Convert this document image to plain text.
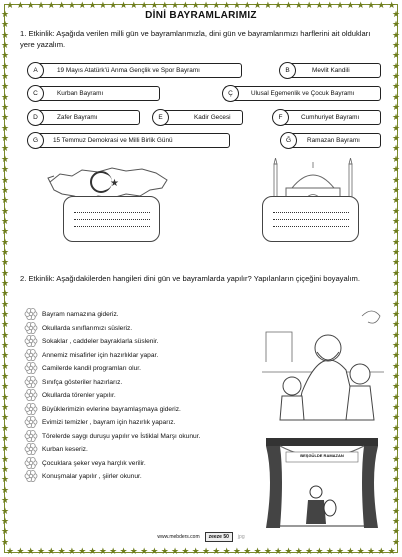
★ ★ ★ ★ ★ ★ ★ ★ ★ ★ ★ ★ ★ ★ ★ ★ ★ ★ ★ ★ ★ ★ ★ ★ ★ ★ ★ ★ ★ ★ ★ ★ ★ ★ ★ ★ ★ ★
★ ★ ★ ★ ★ ★ ★ ★ ★ ★ ★ ★ ★ ★ ★ ★ ★ ★ ★ ★ ★ ★ ★ ★ ★ ★ ★ ★ ★ ★ ★ ★ ★ ★ ★ ★ ★ ★
★
★
★
★
★
★
★
★
★
★
★
★
★
★
★
★
★
★
★
★
★
★
★
★
★
★
★
★
★
★
★
★
★
★
★
★
★
★
★
★
★
★
★
★
★
★
★
★
★
★
★
★
★
★
★
★
★
★
★
★
★
★
★
★
★
★
★
★
★
★
★
★
★
★
★
★
★
★
★
★
★
★
★
★
★
★
★
★
★
★
★
★
★
★
★
★
★
★
★
★
★
★
★
★
DİNİ BAYRAMLARIMIZ
1. Etkinlik: Aşağıda verilen milli gün ve bayramlarımızla, dini gün ve bayramlarımızı harflerini ait oldukları yere yazalım.
19 Mayıs Atatürk'ü Anma Gençlik ve Spor Bayramı
A	Mevlit Kandili
B
Kurban Bayramı
C	Ulusal Egemenlik ve Çocuk Bayramı
Ç
Zafer Bayramı
D	Kadir Gecesi
E	Cumhuriyet Bayramı
F
15 Temmuz Demokrasi ve Milli Birlik Günü
G	Ramazan Bayramı
Ğ
★
2. Etkinlik: Aşağıdakilerden hangileri dini gün ve bayramlarda yapılır? Yapılanların çiçeğini boyayalım.
Bayram namazına gideriz.
Okullarda sınıflarımızı süsleriz.
Sokaklar , caddeler bayraklarla süslenir.
Annemiz misafirler için hazırlıklar yapar.
Camilerde kandil programları olur.
Sınıfça gösteriler hazırlarız.
Okullarda törenler yapılır.
Büyüklerimizin evlerine bayramlaşmaya gideriz.
Evimizi temizler , bayram için hazırlık yaparız.
Törelerde saygı duruşu yapılır ve İstiklal Marşı okunur.
Kurban keseriz.
Çocuklara şeker veya harçlık verilir.
Konuşmalar yapılır , şiirler okunur.
BEŞGÜLDE RAMAZAN
www.mebders.com	zeeze 50	jpg
